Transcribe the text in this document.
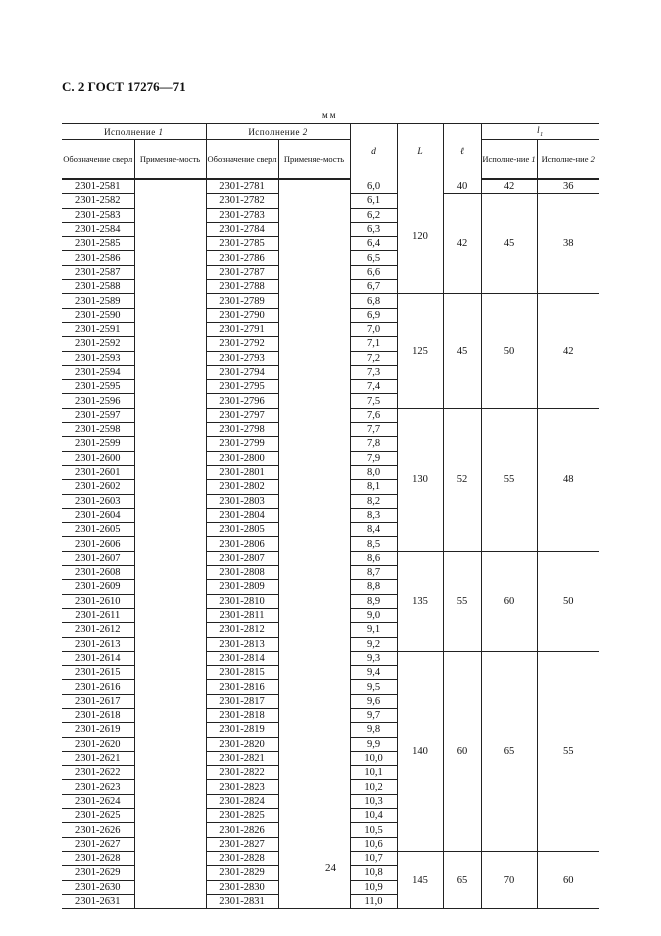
С. 2 ГОСТ 17276—71
мм
Исполнение 1		Исполнение 2		d	L	ℓ	$l_1$
Обозначение сверл	Применяе-мость	Обозначение сверл	Применяе-мость				Исполне-ние 1	Исполне-ние 2
2301-2581		2301-2781		6,0	120	40	42	36
2301-2582		2301-2782		6,1		42	45	38
2301-2583		2301-2783		6,2				
2301-2584		2301-2784		6,3				
2301-2585		2301-2785		6,4				
2301-2586		2301-2786		6,5				
2301-2587		2301-2787		6,6				
2301-2588		2301-2788		6,7				
2301-2589		2301-2789		6,8	125	45	50	42
2301-2590		2301-2790		6,9				
2301-2591		2301-2791		7,0				
2301-2592		2301-2792		7,1				
2301-2593		2301-2793		7,2				
2301-2594		2301-2794		7,3				
2301-2595		2301-2795		7,4				
2301-2596		2301-2796		7,5				
2301-2597		2301-2797		7,6	130	52	55	48
2301-2598		2301-2798		7,7				
2301-2599		2301-2799		7,8				
2301-2600		2301-2800		7,9				
2301-2601		2301-2801		8,0				
2301-2602		2301-2802		8,1				
2301-2603		2301-2803		8,2				
2301-2604		2301-2804		8,3				
2301-2605		2301-2805		8,4				
2301-2606		2301-2806		8,5				
2301-2607		2301-2807		8,6	135	55	60	50
2301-2608		2301-2808		8,7				
2301-2609		2301-2809		8,8				
2301-2610		2301-2810		8,9				
2301-2611		2301-2811		9,0				
2301-2612		2301-2812		9,1				
2301-2613		2301-2813		9,2				
2301-2614		2301-2814		9,3	140	60	65	55
2301-2615		2301-2815		9,4				
2301-2616		2301-2816		9,5				
2301-2617		2301-2817		9,6				
2301-2618		2301-2818		9,7				
2301-2619		2301-2819		9,8				
2301-2620		2301-2820		9,9				
2301-2621		2301-2821		10,0				
2301-2622		2301-2822		10,1				
2301-2623		2301-2823		10,2				
2301-2624		2301-2824		10,3				
2301-2625		2301-2825		10,4				
2301-2626		2301-2826		10,5				
2301-2627		2301-2827		10,6				
2301-2628		2301-2828		10,7	145	65	70	60
2301-2629		2301-2829		10,8				
2301-2630		2301-2830		10,9				
2301-2631		2301-2831		11,0				
24
